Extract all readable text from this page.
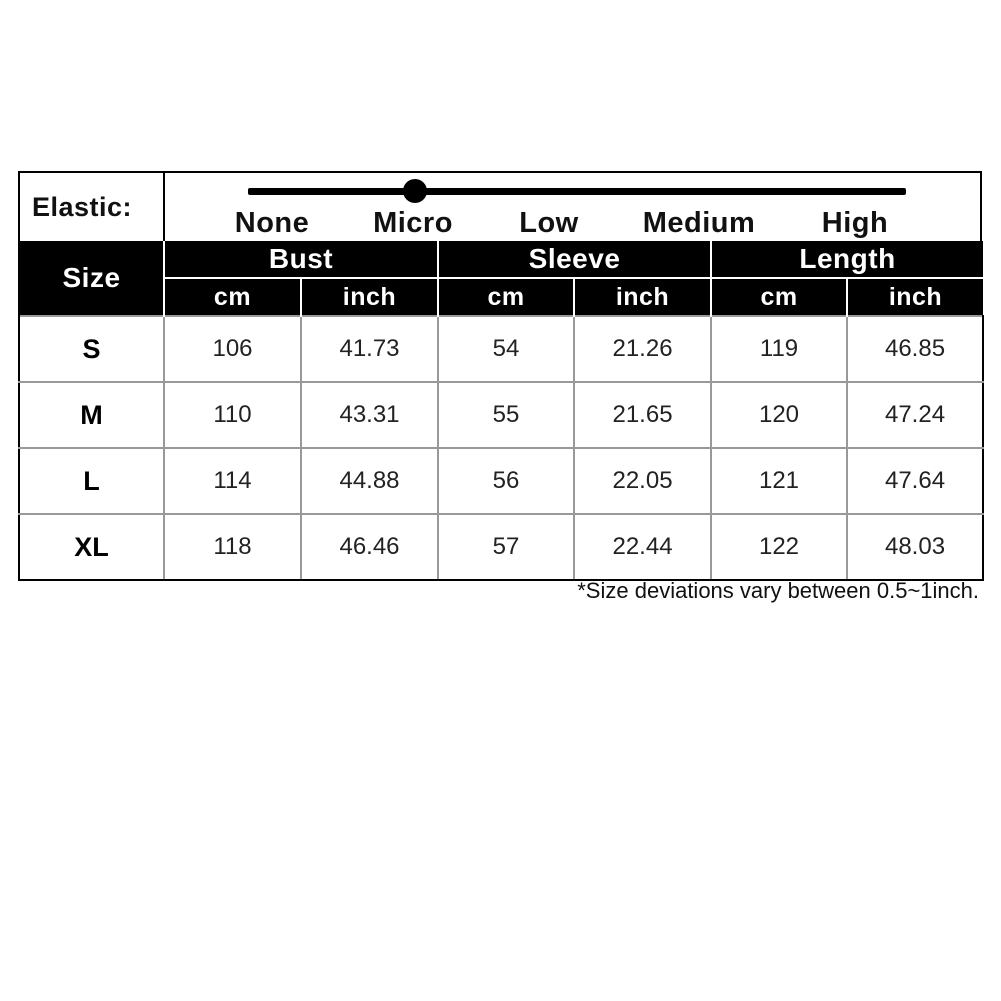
Elastic:	None Micro Low Medium High
Size	Bust		Sleeve		Length	
	cm	inch	cm	inch	cm	inch
S	106	41.73	54	21.26	119	46.85
M	110	43.31	55	21.65	120	47.24
L	114	44.88	56	22.05	121	47.64
XL	118	46.46	57	22.44	122	48.03
*Size deviations vary between 0.5~1inch.
